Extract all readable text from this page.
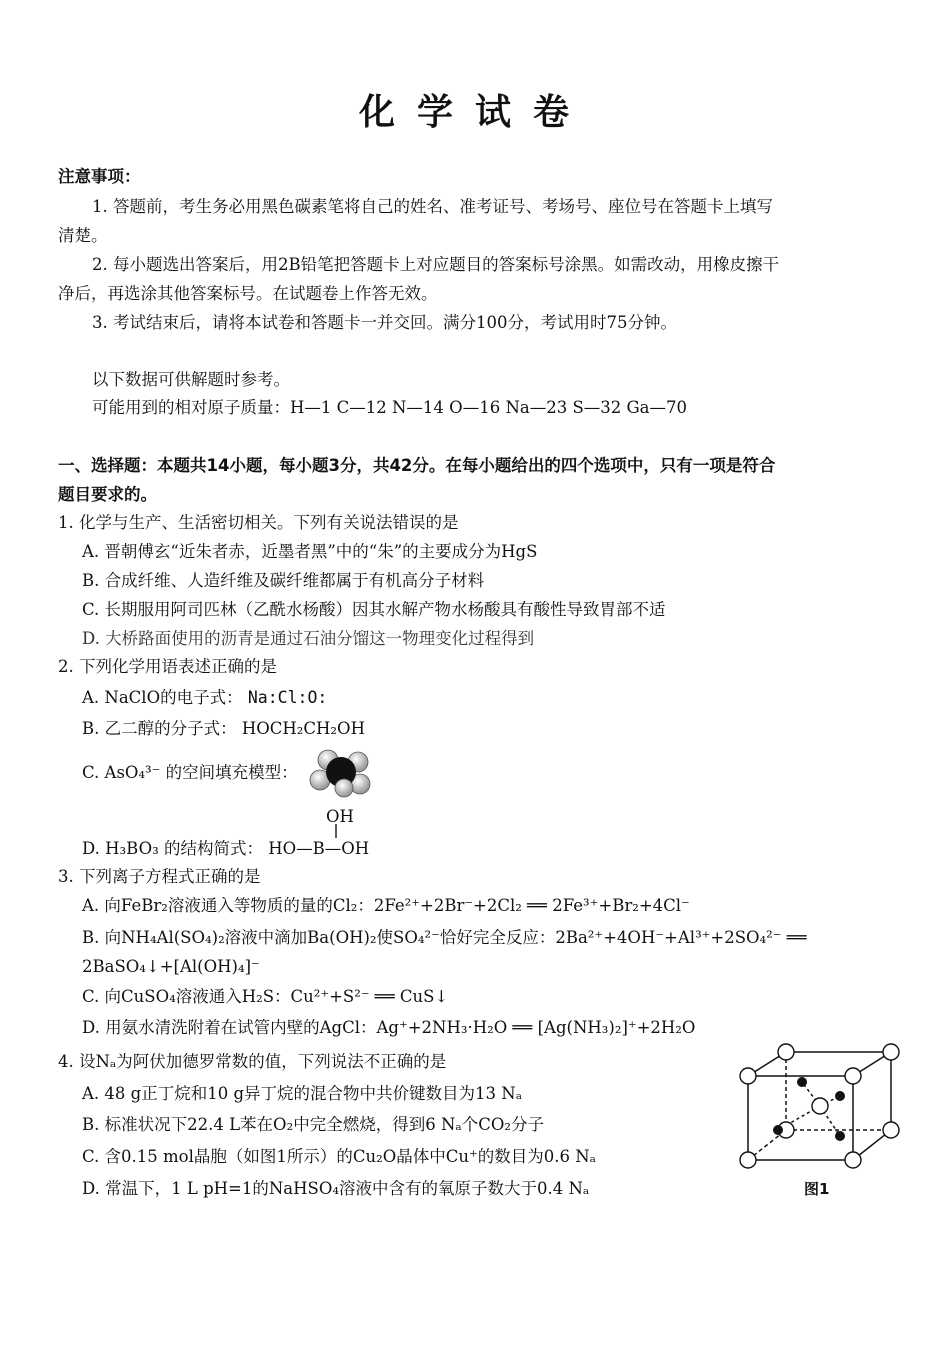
化学试卷
注意事项：
1. 答题前，考生务必用黑色碳素笔将自己的姓名、准考证号、考场号、座位号在答题卡上填写
清楚。
2. 每小题选出答案后，用2B铅笔把答题卡上对应题目的答案标号涂黑。如需改动，用橡皮擦干
净后，再选涂其他答案标号。在试题卷上作答无效。
3. 考试结束后，请将本试卷和答题卡一并交回。满分100分，考试用时75分钟。
以下数据可供解题时参考。
可能用到的相对原子质量：H—1 C—12 N—14 O—16 Na—23 S—32 Ga—70
一、选择题：本题共14小题，每小题3分，共42分。在每小题给出的四个选项中，只有一项是符合
题目要求的。
1. 化学与生产、生活密切相关。下列有关说法错误的是
A. 晋朝傅玄“近朱者赤，近墨者黑”中的“朱”的主要成分为HgS
B. 合成纤维、人造纤维及碳纤维都属于有机高分子材料
C. 长期服用阿司匹林（乙酰水杨酸）因其水解产物水杨酸具有酸性导致胃部不适
D. 大桥路面使用的沥青是通过石油分馏这一物理变化过程得到
2. 下列化学用语表述正确的是
A. NaClO的电子式： Na:Cl:O:
B. 乙二醇的分子式： HOCH₂CH₂OH
C. AsO₄³⁻ 的空间填充模型：
OH
D. H₃BO₃ 的结构简式： HO—B—OH
3. 下列离子方程式正确的是
A. 向FeBr₂溶液通入等物质的量的Cl₂：2Fe²⁺+2Br⁻+2Cl₂ ══ 2Fe³⁺+Br₂+4Cl⁻
B. 向NH₄Al(SO₄)₂溶液中滴加Ba(OH)₂使SO₄²⁻恰好完全反应：2Ba²⁺+4OH⁻+Al³⁺+2SO₄²⁻ ══
2BaSO₄↓+[Al(OH)₄]⁻
C. 向CuSO₄溶液通入H₂S：Cu²⁺+S²⁻ ══ CuS↓
D. 用氨水清洗附着在试管内壁的AgCl：Ag⁺+2NH₃·H₂O ══ [Ag(NH₃)₂]⁺+2H₂O
4. 设Nₐ为阿伏加德罗常数的值，下列说法不正确的是
A. 48 g正丁烷和10 g异丁烷的混合物中共价键数目为13 Nₐ
B. 标准状况下22.4 L苯在O₂中完全燃烧，得到6 Nₐ个CO₂分子
C. 含0.15 mol晶胞（如图1所示）的Cu₂O晶体中Cu⁺的数目为0.6 Nₐ
D. 常温下，1 L pH=1的NaHSO₄溶液中含有的氧原子数大于0.4 Nₐ	图1
